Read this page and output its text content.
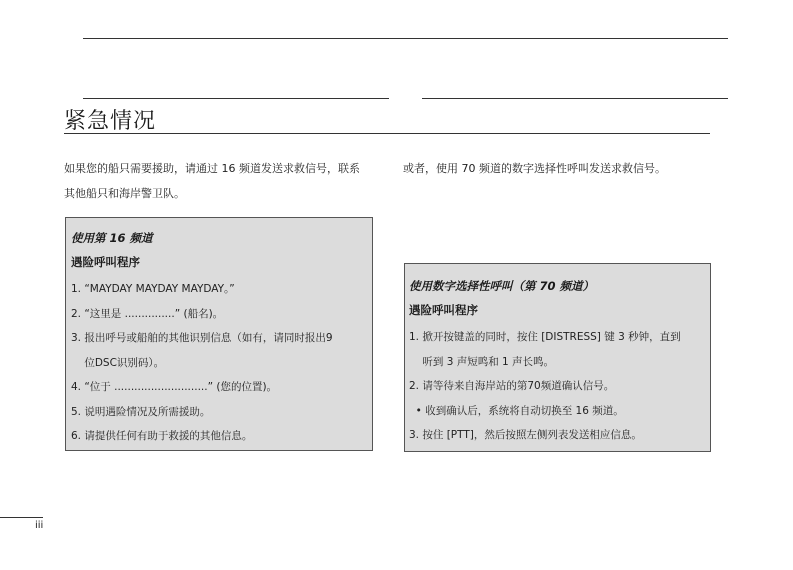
紧急情况
如果您的船只需要援助，请通过 16 频道发送求救信号，联系
其他船只和海岸警卫队。
或者，使用 70 频道的数字选择性呼叫发送求救信号。

使用第 16 频道

遇险呼叫程序

1. “MAYDAY MAYDAY MAYDAY。”
2. “这里是 ...............” (船名)。
3. 报出呼号或船舶的其他识别信息（如有，请同时报出9
位DSC识别码）。
4. “位于 ............................” (您的位置)。
5. 说明遇险情况及所需援助。
6. 请提供任何有助于救援的其他信息。

使用数字选择性呼叫（第 70 频道）

遇险呼叫程序

1. 掀开按键盖的同时，按住 [DISTRESS] 键 3 秒钟，直到
听到 3 声短鸣和 1 声长鸣。
2. 请等待来自海岸站的第70频道确认信号。
• 收到确认后，系统将自动切换至 16 频道。
3. 按住 [PTT]，然后按照左侧列表发送相应信息。
iii
